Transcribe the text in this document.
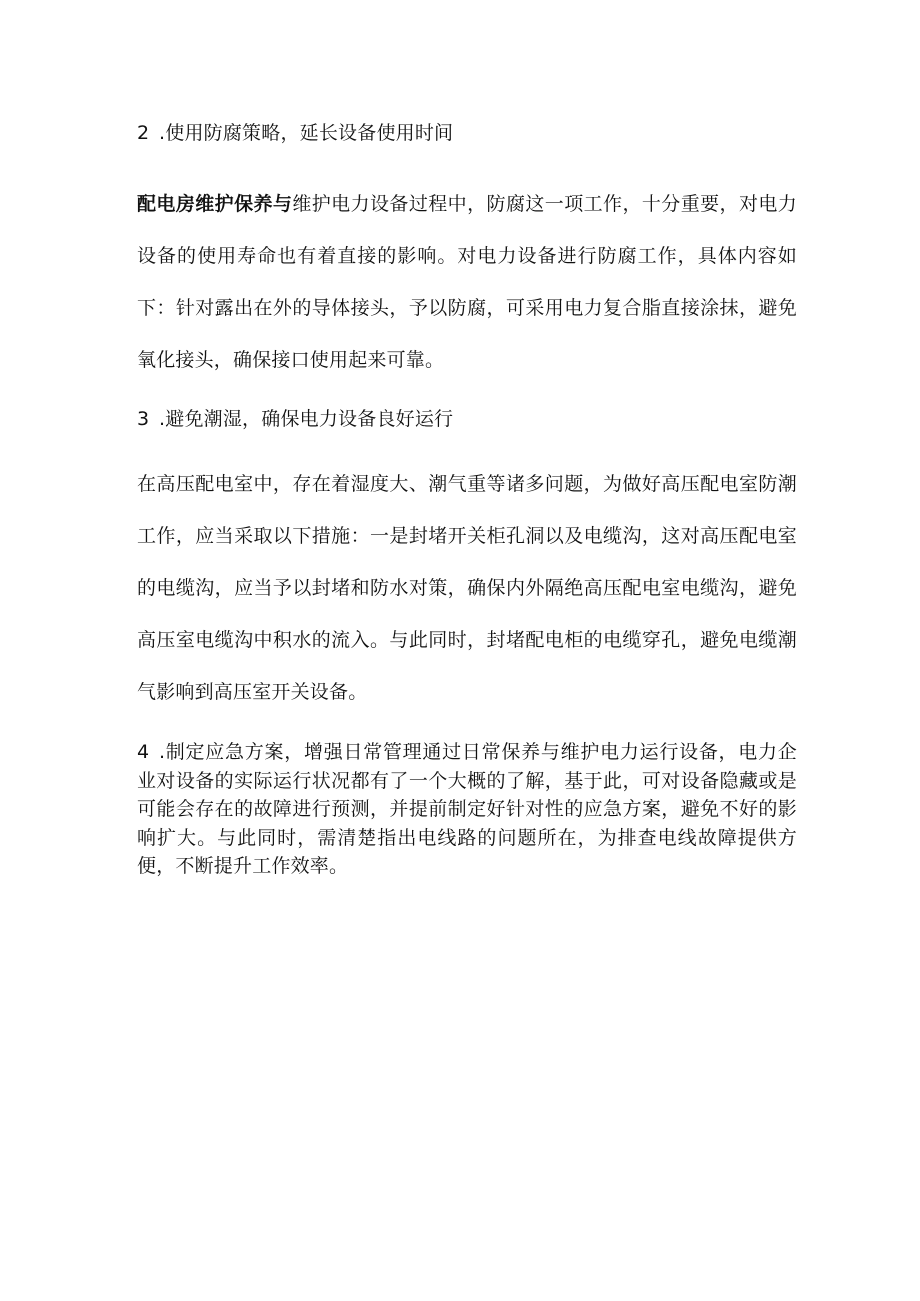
2 .使用防腐策略，延长设备使用时间
配电房维护保养与维护电力设备过程中，防腐这一项工作，十分重要，对电力设备的使用寿命也有着直接的影响。对电力设备进行防腐工作，具体内容如下：针对露出在外的导体接头，予以防腐，可采用电力复合脂直接涂抹，避免氧化接头，确保接口使用起来可靠。
3 .避免潮湿，确保电力设备良好运行
在高压配电室中，存在着湿度大、潮气重等诸多问题，为做好高压配电室防潮工作，应当采取以下措施：一是封堵开关柜孔洞以及电缆沟，这对高压配电室的电缆沟，应当予以封堵和防水对策，确保内外隔绝高压配电室电缆沟，避免高压室电缆沟中积水的流入。与此同时，封堵配电柜的电缆穿孔，避免电缆潮气影响到高压室开关设备。
4 .制定应急方案，增强日常管理通过日常保养与维护电力运行设备，电力企业对设备的实际运行状况都有了一个大概的了解，基于此，可对设备隐藏或是可能会存在的故障进行预测，并提前制定好针对性的应急方案，避免不好的影响扩大。与此同时，需清楚指出电线路的问题所在，为排查电线故障提供方便，不断提升工作效率。
